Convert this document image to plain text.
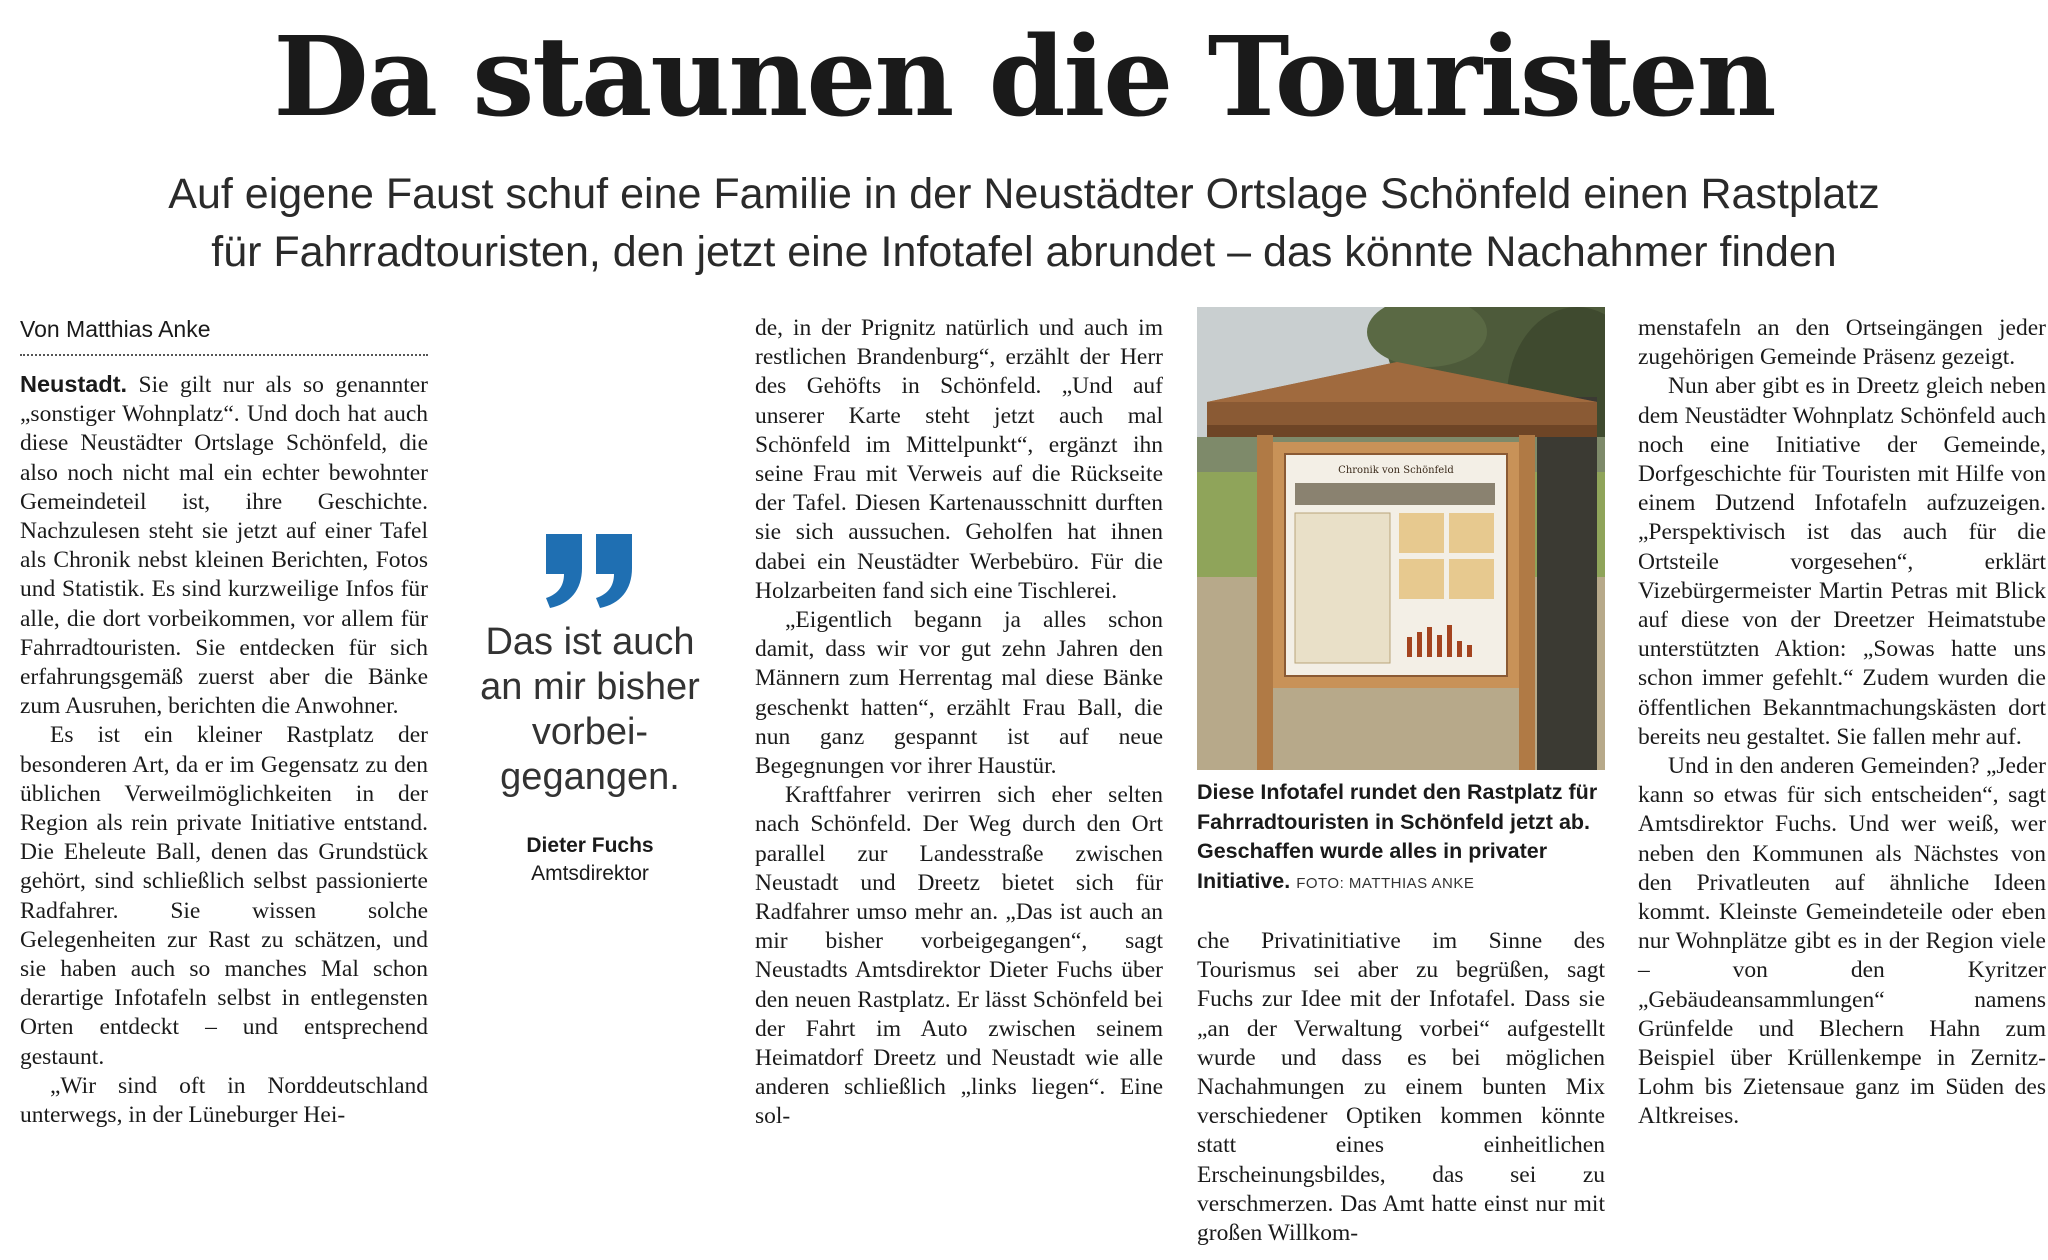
Da staunen die Touristen
Auf eigene Faust schuf eine Familie in der Neustädter Ortslage Schönfeld einen Rastplatz
für Fahrradtouristen, den jetzt eine Infotafel abrundet – das könnte Nachahmer finden
Von Matthias Anke

Neustadt. Sie gilt nur als so genannter „sonstiger Wohnplatz“. Und doch hat auch diese Neustädter Ortslage Schönfeld, die also noch nicht mal ein echter bewohnter Gemeindeteil ist, ihre Geschichte. Nachzulesen steht sie jetzt auf einer Tafel als Chronik nebst kleinen Berichten, Fotos und Statistik. Es sind kurzweilige Infos für alle, die dort vorbeikommen, vor allem für Fahrradtouristen. Sie entdecken für sich erfahrungsgemäß zuerst aber die Bänke zum Ausruhen, berichten die Anwohner.

Es ist ein kleiner Rastplatz der besonderen Art, da er im Gegensatz zu den üblichen Verweilmöglichkeiten in der Region als rein private Initiative entstand. Die Eheleute Ball, denen das Grundstück gehört, sind schließlich selbst passionierte Radfahrer. Sie wissen solche Gelegenheiten zur Rast zu schätzen, und sie haben auch so manches Mal schon derartige Infotafeln selbst in entlegensten Orten entdeckt – und entsprechend gestaunt.

„Wir sind oft in Norddeutschland unterwegs, in der Lüneburger Hei-

Das ist auch an mir bisher vorbei-gegangen.

Dieter Fuchs
Amtsdirektor

de, in der Prignitz natürlich und auch im restlichen Brandenburg“, erzählt der Herr des Gehöfts in Schönfeld. „Und auf unserer Karte steht jetzt auch mal Schönfeld im Mittelpunkt“, ergänzt ihn seine Frau mit Verweis auf die Rückseite der Tafel. Diesen Kartenausschnitt durften sie sich aussuchen. Geholfen hat ihnen dabei ein Neustädter Werbebüro. Für die Holzarbeiten fand sich eine Tischlerei.

„Eigentlich begann ja alles schon damit, dass wir vor gut zehn Jahren den Männern zum Herrentag mal diese Bänke geschenkt hatten“, erzählt Frau Ball, die nun ganz gespannt ist auf neue Begegnungen vor ihrer Haustür.

Kraftfahrer verirren sich eher selten nach Schönfeld. Der Weg durch den Ort parallel zur Landesstraße zwischen Neustadt und Dreetz bietet sich für Radfahrer umso mehr an. „Das ist auch an mir bisher vorbeigegangen“, sagt Neustadts Amtsdirektor Dieter Fuchs über den neuen Rastplatz. Er lässt Schönfeld bei der Fahrt im Auto zwischen seinem Heimatdorf Dreetz und Neustadt wie alle anderen schließlich „links liegen“. Eine sol-

Chronik von Schönfeld
Diese Infotafel rundet den Rastplatz für Fahrradtouristen in Schönfeld jetzt ab. Geschaffen wurde alles in privater Initiative. FOTO: MATTHIAS ANKE

che Privatinitiative im Sinne des Tourismus sei aber zu begrüßen, sagt Fuchs zur Idee mit der Infotafel. Dass sie „an der Verwaltung vorbei“ aufgestellt wurde und dass es bei möglichen Nachahmungen zu einem bunten Mix verschiedener Optiken kommen könnte statt eines einheitlichen Erscheinungsbildes, das sei zu verschmerzen. Das Amt hatte einst nur mit großen Willkom-

menstafeln an den Ortseingängen jeder zugehörigen Gemeinde Präsenz gezeigt.

Nun aber gibt es in Dreetz gleich neben dem Neustädter Wohnplatz Schönfeld auch noch eine Initiative der Gemeinde, Dorfgeschichte für Touristen mit Hilfe von einem Dutzend Infotafeln aufzuzeigen. „Perspektivisch ist das auch für die Ortsteile vorgesehen“, erklärt Vizebürgermeister Martin Petras mit Blick auf diese von der Dreetzer Heimatstube unterstützten Aktion: „Sowas hatte uns schon immer gefehlt.“ Zudem wurden die öffentlichen Bekanntmachungskästen dort bereits neu gestaltet. Sie fallen mehr auf.

Und in den anderen Gemeinden? „Jeder kann so etwas für sich entscheiden“, sagt Amtsdirektor Fuchs. Und wer weiß, wer neben den Kommunen als Nächstes von den Privatleuten auf ähnliche Ideen kommt. Kleinste Gemeindeteile oder eben nur Wohnplätze gibt es in der Region viele – von den Kyritzer „Gebäudeansammlungen“ namens Grünfelde und Blechern Hahn zum Beispiel über Krüllenkempe in Zernitz-Lohm bis Zietensaue ganz im Süden des Altkreises.
